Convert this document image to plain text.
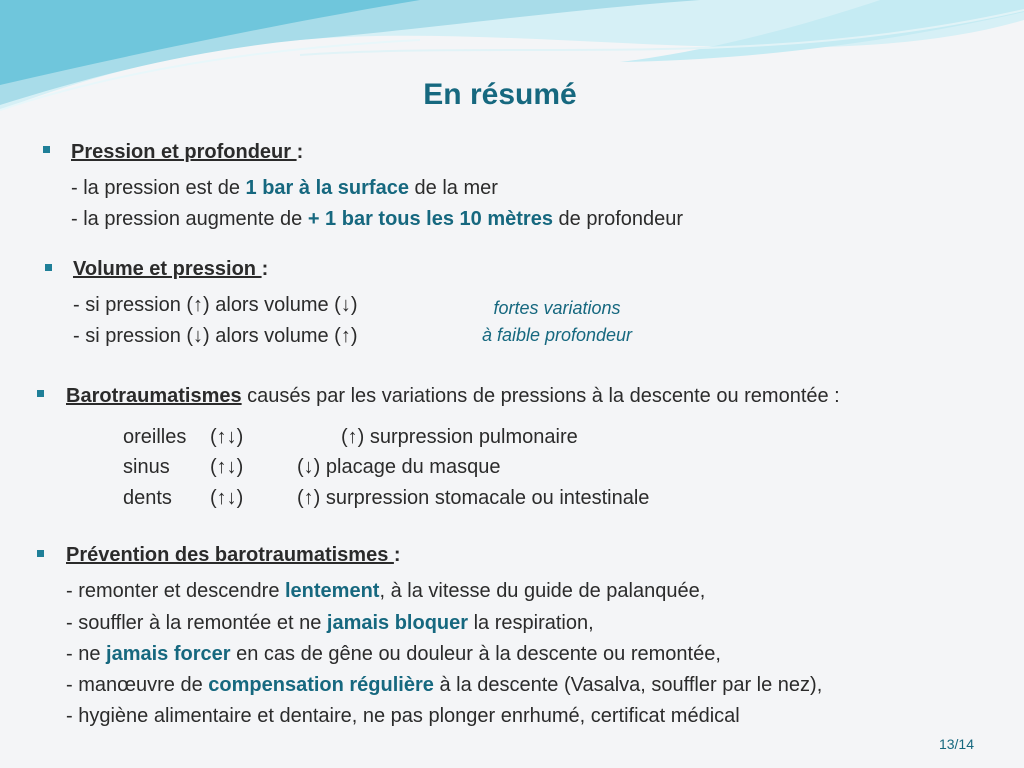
En résumé
Pression et profondeur :
- la pression est de 1 bar à la surface de la mer
- la pression augmente de + 1 bar tous les 10 mètres de profondeur
Volume et pression :
- si pression (↑) alors volume (↓)
- si pression (↓) alors volume (↑)
fortes variations
à faible profondeur
Barotraumatismes causés par les variations de pressions à la descente ou remontée :
oreilles (↑↓)	(↑) surpression pulmonaire
sinus (↑↓)	(↓) placage du masque
dents (↑↓)	(↑) surpression stomacale ou intestinale
Prévention des barotraumatismes :
- remonter et descendre lentement, à la vitesse du guide de palanquée,
- souffler à la remontée et ne jamais bloquer la respiration,
- ne jamais forcer en cas de gêne ou douleur à la descente ou remontée,
- manœuvre de compensation régulière à la descente (Vasalva, souffler par le nez),
- hygiène alimentaire et dentaire, ne pas plonger enrhumé, certificat médical
13/14
